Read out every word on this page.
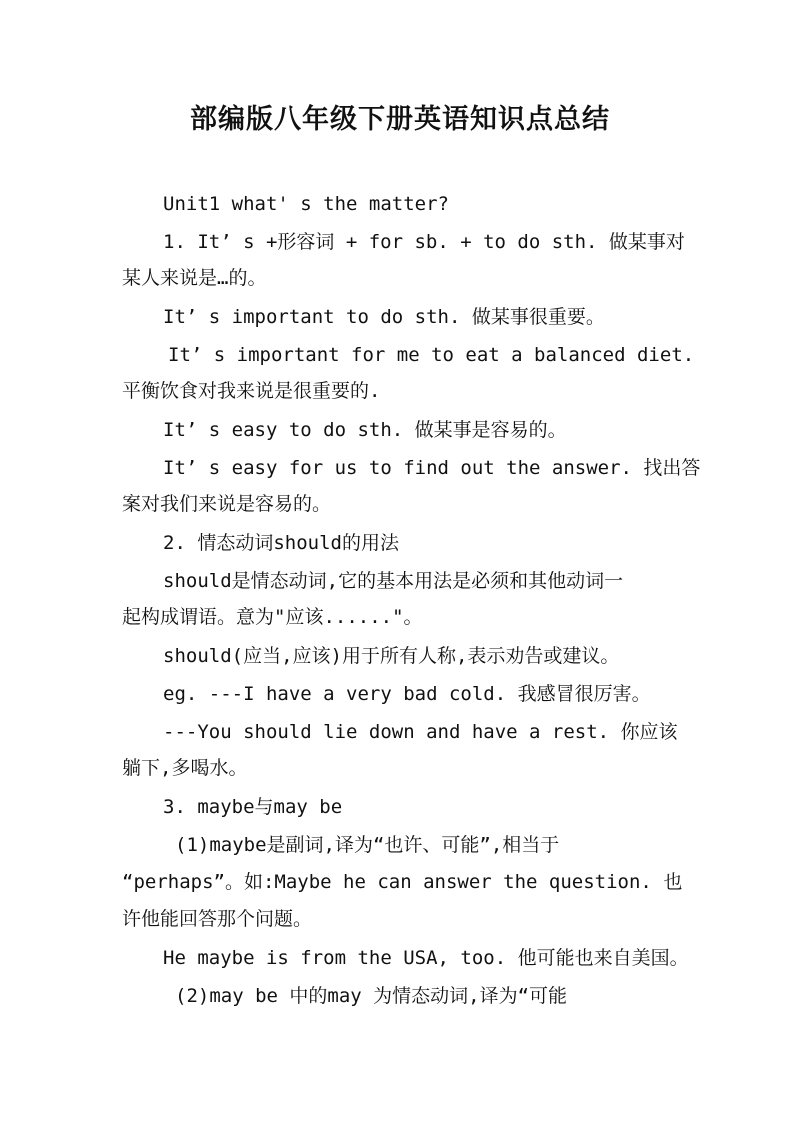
部编版八年级下册英语知识点总结
Unit1 what' s the matter?
1. It’ s +形容词 + for sb. + to do sth. 做某事对
某人来说是…的。
It’ s important to do sth. 做某事很重要。
It’ s important for me to eat a balanced diet.
平衡饮食对我来说是很重要的.
It’ s easy to do sth. 做某事是容易的。
It’ s easy for us to find out the answer. 找出答
案对我们来说是容易的。
2. 情态动词should的用法
should是情态动词,它的基本用法是必须和其他动词一
起构成谓语。意为"应该......"。
should(应当,应该)用于所有人称,表示劝告或建议。
eg. ---I have a very bad cold. 我感冒很厉害。
---You should lie down and have a rest. 你应该
躺下,多喝水。
3. maybe与may be
(1)maybe是副词,译为“也许、可能”,相当于
“perhaps”。如:Maybe he can answer the question. 也
许他能回答那个问题。
He maybe is from the USA, too. 他可能也来自美国。
(2)may be 中的may 为情态动词,译为“可能
